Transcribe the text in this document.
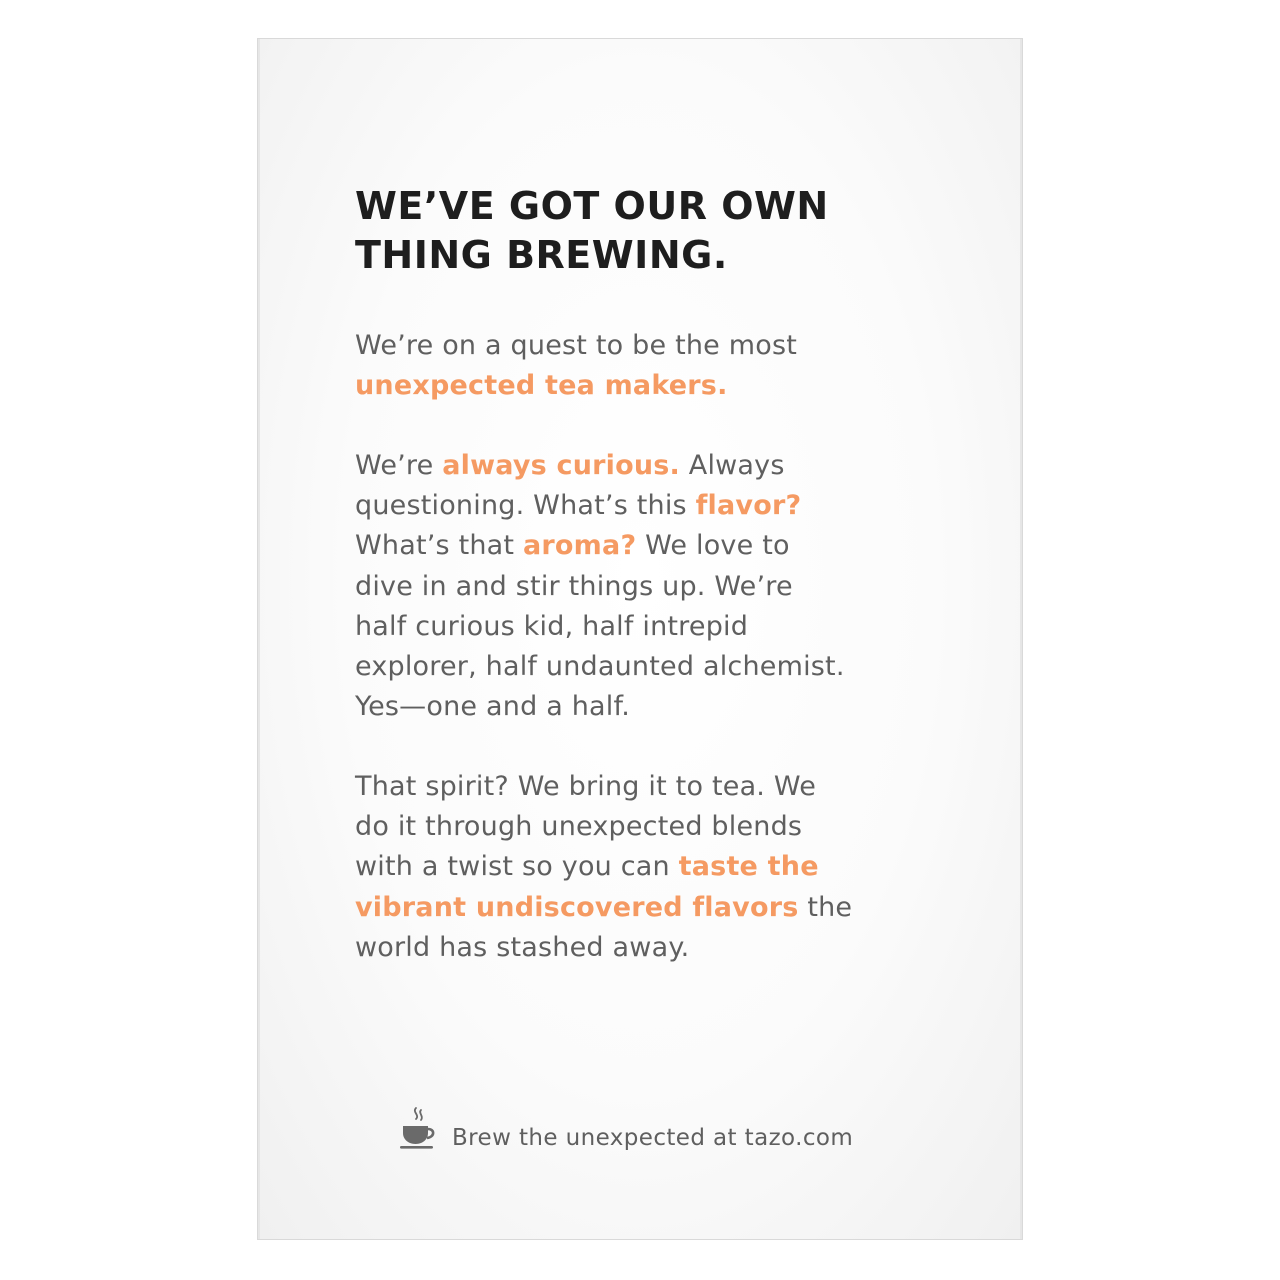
WE’VE GOT OUR OWN
THING BREWING.

We’re on a quest to be the most
unexpected tea makers.

We’re always curious. Always
questioning. What’s this flavor?
What’s that aroma? We love to
dive in and stir things up. We’re
half curious kid, half intrepid
explorer, half undaunted alchemist.
Yes—one and a half.

That spirit? We bring it to tea. We
do it through unexpected blends
with a twist so you can taste the
vibrant undiscovered flavors the
world has stashed away.

Brew the unexpected at tazo.com
